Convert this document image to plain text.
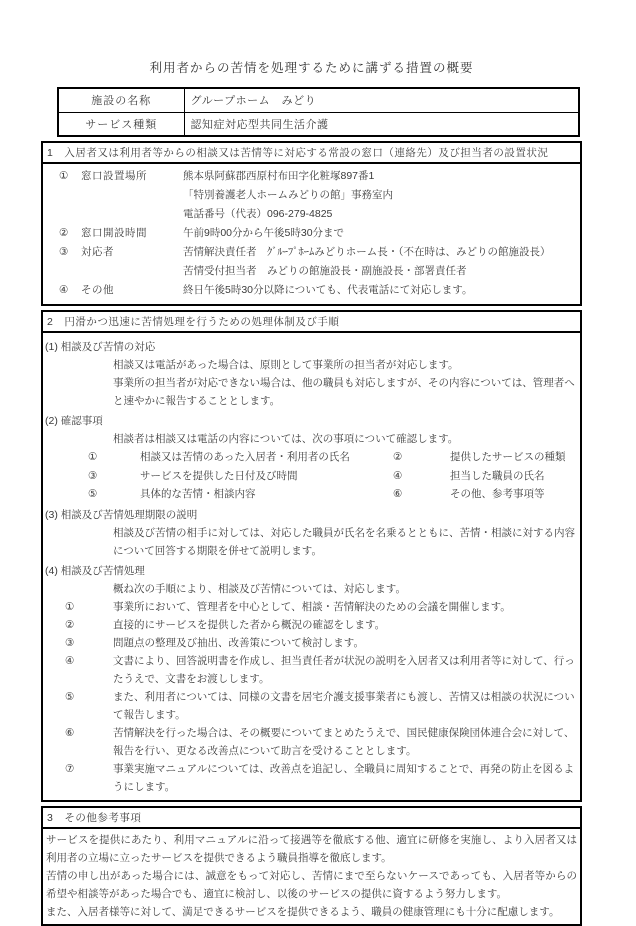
利用者からの苦情を処理するために講ずる措置の概要
施設の名称	グループホーム　みどり
サービス種類	認知症対応型共同生活介護
1　入居者又は利用者等からの相談又は苦情等に対応する常設の窓口（連絡先）及び担当者の設置状況
①	窓口設置場所	熊本県阿蘇郡西原村布田字化粧塚897番1
「特別養護老人ホームみどりの館」事務室内
電話番号（代表）096-279-4825
②	窓口開設時間	午前9時00分から午後5時30分まで
③	対応者	苦情解決責任者　ｸﾞﾙｰﾌﾟﾎｰﾑみどりホーム長・（不在時は、みどりの館施設長）
苦情受付担当者　みどりの館施設長・副施設長・部署責任者
④	その他	終日午後5時30分以降についても、代表電話にて対応します。
2　円滑かつ迅速に苦情処理を行うための処理体制及び手順
(1) 相談及び苦情の対応
相談又は電話があった場合は、原則として事業所の担当者が対応します。
事業所の担当者が対応できない場合は、他の職員も対応しますが、その内容については、管理者へと速やかに報告することとします。
(2) 確認事項
相談者は相談又は電話の内容については、次の事項について確認します。
①	相談又は苦情のあった入居者・利用者の氏名	②	提供したサービスの種類
③	サービスを提供した日付及び時間	④	担当した職員の氏名
⑤	具体的な苦情・相談内容	⑥	その他、参考事項等
(3) 相談及び苦情処理期限の説明
相談及び苦情の相手に対しては、対応した職員が氏名を名乗るとともに、苦情・相談に対する内容について回答する期限を併せて説明します。
(4) 相談及び苦情処理
概ね次の手順により、相談及び苦情については、対応します。
①	事業所において、管理者を中心として、相談・苦情解決のための会議を開催します。
②	直接的にサービスを提供した者から概況の確認をします。
③	問題点の整理及び抽出、改善策について検討します。
④	文書により、回答説明書を作成し、担当責任者が状況の説明を入居者又は利用者等に対して、行ったうえで、文書をお渡しします。
⑤	また、利用者については、同様の文書を居宅介護支援事業者にも渡し、苦情又は相談の状況について報告します。
⑥	苦情解決を行った場合は、その概要についてまとめたうえで、国民健康保険団体連合会に対して、報告を行い、更なる改善点について助言を受けることとします。
⑦	事業実施マニュアルについては、改善点を追記し、全職員に周知することで、再発の防止を図るようにします。
3　その他参考事項
サービスを提供にあたり、利用マニュアルに沿って接遇等を徹底する他、適宜に研修を実施し、より入居者又は利用者の立場に立ったサービスを提供できるよう職員指導を徹底します。
苦情の申し出があった場合には、誠意をもって対応し、苦情にまで至らないケースであっても、入居者等からの希望や相談等があった場合でも、適宜に検討し、以後のサービスの提供に資するよう努力します。
また、入居者様等に対して、満足できるサービスを提供できるよう、職員の健康管理にも十分に配慮します。
